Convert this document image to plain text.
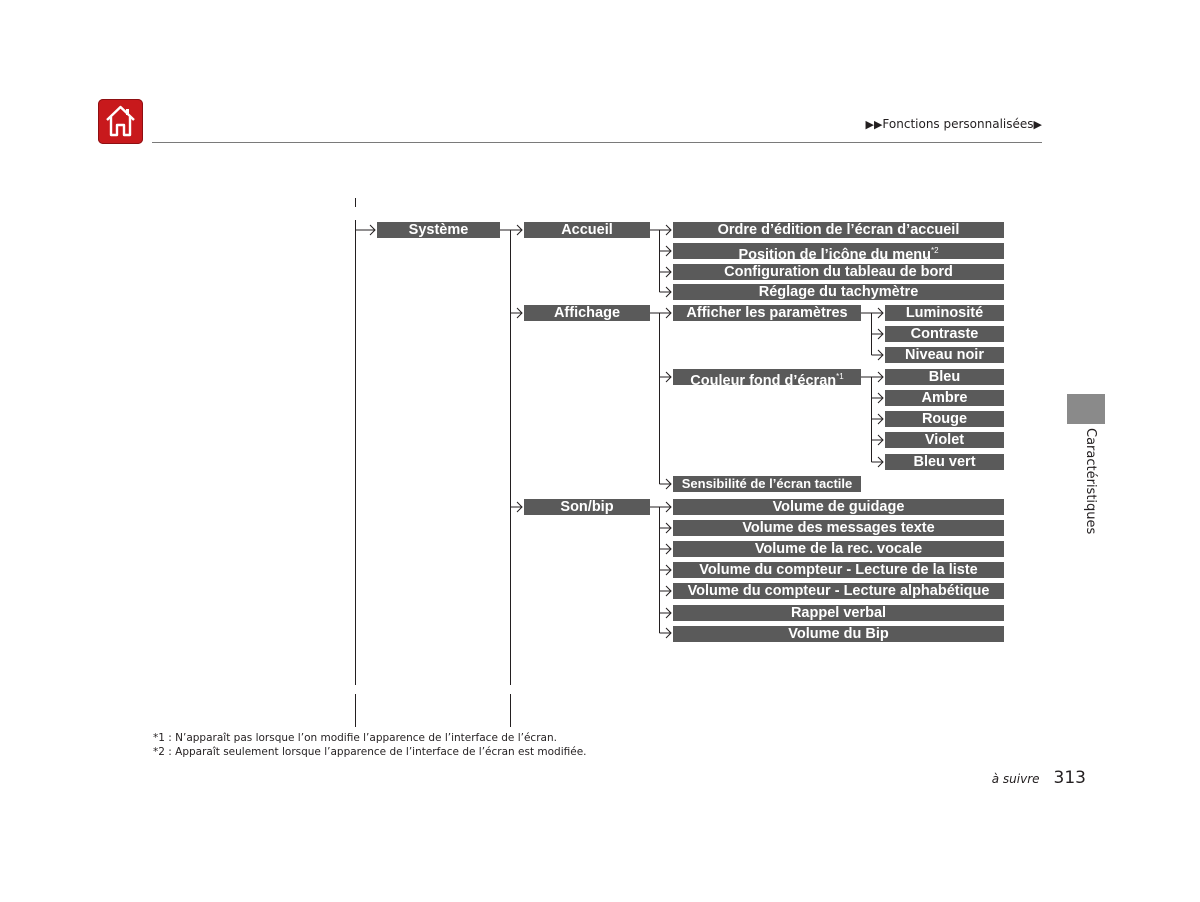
▶▶Fonctions personnalisées▶
Caractéristiques
Système	Accueil
Affichage
Son/bip
Ordre d’édition de l’écran d’accueil
Position de l’icône du menu$^{*2}$
Configuration du tableau de bord
Réglage du tachymètre
Afficher les paramètres	Luminosité
Contraste
Niveau noir
Couleur fond d’écran$^{*1}$	Bleu
Ambre
Rouge
Violet
Bleu vert
Sensibilité de l’écran tactile
Volume de guidage
Volume des messages texte
Volume de la rec. vocale
Volume du compteur - Lecture de la liste
Volume du compteur - Lecture alphabétique
Rappel verbal
Volume du Bip
*1 : N’apparaît pas lorsque l’on modifie l’apparence de l’interface de l’écran.
*2 : Apparaît seulement lorsque l’apparence de l’interface de l’écran est modifiée.
à suivre 313
